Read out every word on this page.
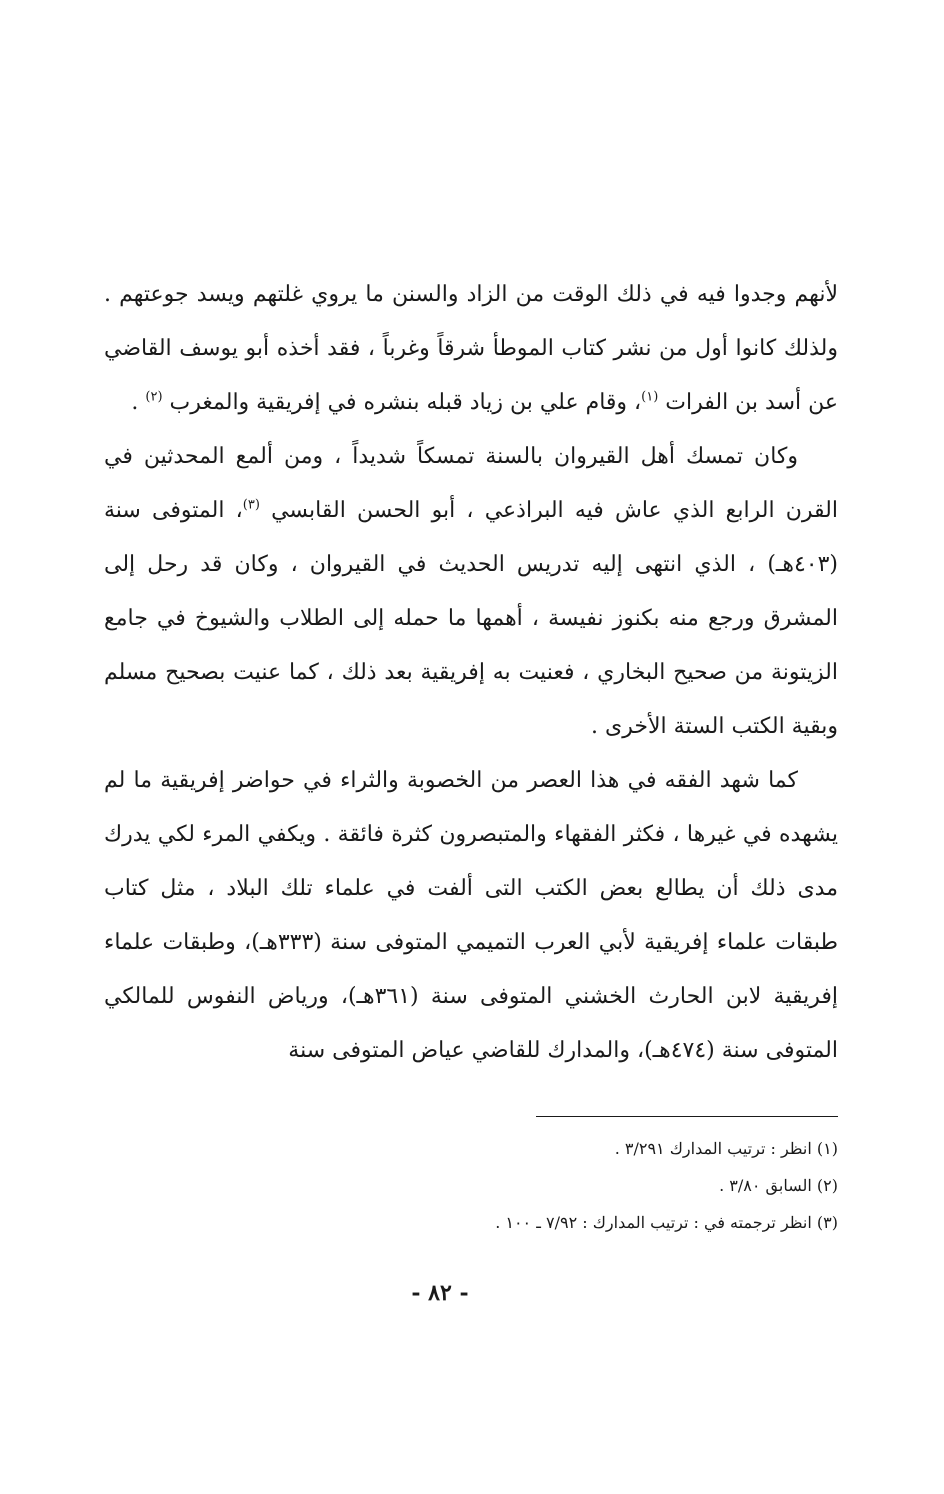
لأنهم وجدوا فيه في ذلك الوقت من الزاد والسنن ما يروي غلتهم ويسد جوعتهم . ولذلك كانوا أول من نشر كتاب الموطأ شرقاً وغرباً ، فقد أخذه أبو يوسف القاضي عن أسد بن الفرات $^{(١)}$، وقام علي بن زياد قبله بنشره في إفريقية والمغرب $^{(٢)}$ .

وكان تمسك أهل القيروان بالسنة تمسكاً شديداً ، ومن ألمع المحدثين في القرن الرابع الذي عاش فيه البراذعي ، أبو الحسن القابسي $^{(٣)}$، المتوفى سنة (٤٠٣هـ) ، الذي انتهى إليه تدريس الحديث في القيروان ، وكان قد رحل إلى المشرق ورجع منه بكنوز نفيسة ، أهمها ما حمله إلى الطلاب والشيوخ في جامع الزيتونة من صحيح البخاري ، فعنيت به إفريقية بعد ذلك ، كما عنيت بصحيح مسلم وبقية الكتب الستة الأخرى .

كما شهد الفقه في هذا العصر من الخصوبة والثراء في حواضر إفريقية ما لم يشهده في غيرها ، فكثر الفقهاء والمتبصرون كثرة فائقة . ويكفي المرء لكي يدرك مدى ذلك أن يطالع بعض الكتب التى ألفت في علماء تلك البلاد ، مثل كتاب طبقات علماء إفريقية لأبي العرب التميمي المتوفى سنة (٣٣٣هـ)، وطبقات علماء إفريقية لابن الحارث الخشني المتوفى سنة (٣٦١هـ)، ورياض النفوس للمالكي المتوفى سنة (٤٧٤هـ)، والمدارك للقاضي عياض المتوفى سنة

(١) انظر : ترتيب المدارك ٣/٢٩١ .
(٢) السابق ٣/٨٠ .
(٣) انظر ترجمته في : ترتيب المدارك : ٧/٩٢ ـ ١٠٠ .
- ٨٢ -
